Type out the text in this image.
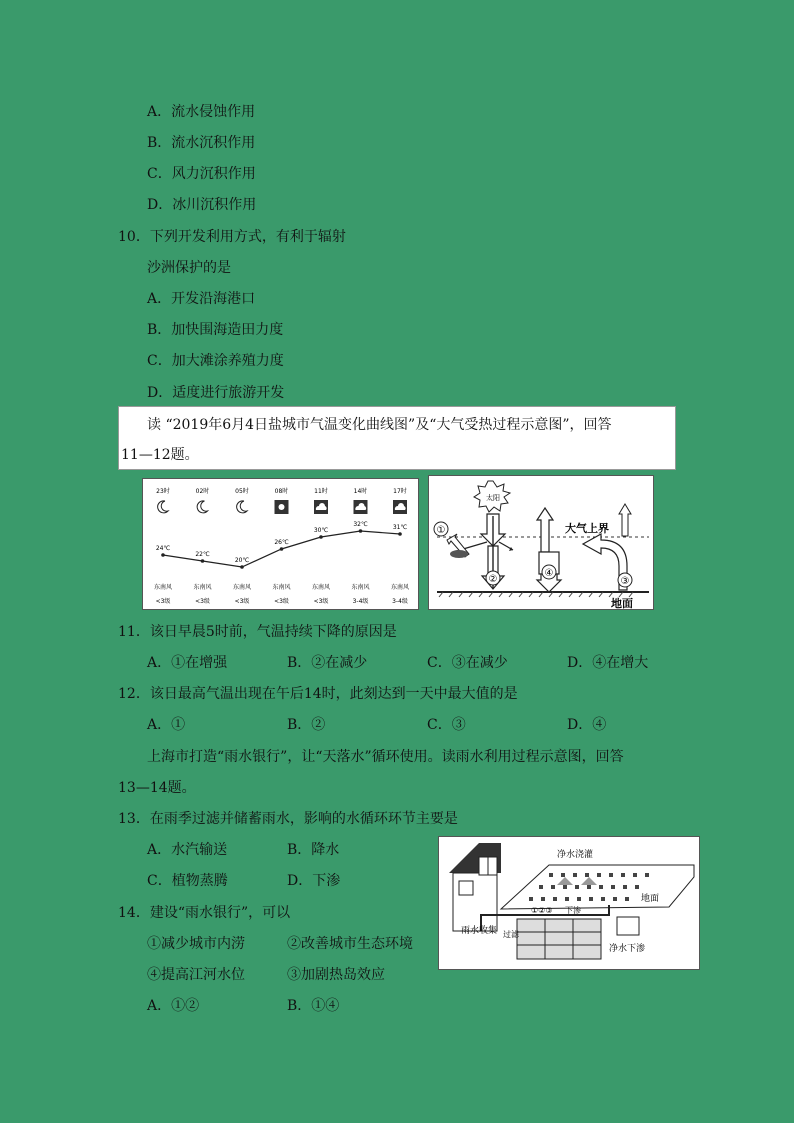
A．流水侵蚀作用
B．流水沉积作用
C．风力沉积作用
D．冰川沉积作用
10．下列开发利用方式，有利于辐射
沙洲保护的是
A．开发沿海港口
B．加快围海造田力度
C．加大滩涂养殖力度
D．适度进行旅游开发
读 “2019年6月4日盐城市气温变化曲线图”及“大气受热过程示意图”，回答
11—12题。
23时
24℃
东南风
<3级
02时
22℃
东南风
<3级
05时
20℃
东南风
<3级
08时
26℃
东南风
<3级
11时
30℃
东南风
<3级
14时
32℃
东南风
3-4级
17时
31℃
东南风
3-4级
太阳
①
②
④
③
大气上界
地面
11．该日早晨5时前，气温持续下降的原因是
A．①在增强	B．②在减少	C．③在减少	D．④在增大
12．该日最高气温出现在午后14时，此刻达到一天中最大值的是
A．①	B．②	C．③	D．④
上海市打造“雨水银行”，让“天落水”循环使用。读雨水利用过程示意图，回答
13—14题。
13．在雨季过滤并储蓄雨水，影响的水循环环节主要是
A．水汽输送	B．降水
C．植物蒸腾	D．下渗
14．建设“雨水银行”，可以
①减少城市内涝	②改善城市生态环境
④提高江河水位	③加剧热岛效应
A．①②	B．①④
净水浇灌
地面
①②③ 下渗
雨水收集 过滤
净水下渗
